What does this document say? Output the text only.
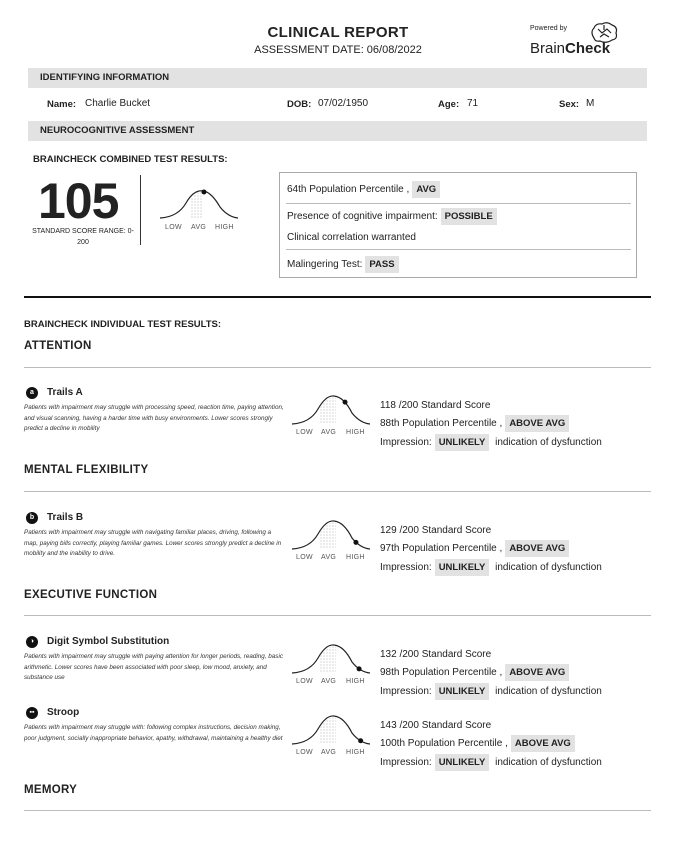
CLINICAL REPORT
ASSESSMENT DATE: 06/08/2022
Powered by
BrainCheck
IDENTIFYING INFORMATION
Name: Charlie Bucket	DOB: 07/02/1950	Age: 71	Sex: M
NEUROCOGNITIVE ASSESSMENT
BRAINCHECK COMBINED TEST RESULTS:
105
STANDARD SCORE RANGE: 0-
200
LOW AVG HIGH
64th Population Percentile , AVG
Presence of cognitive impairment: POSSIBLE
Clinical correlation warranted
Malingering Test: PASS
BRAINCHECK INDIVIDUAL TEST RESULTS:
ATTENTION
MENTAL FLEXIBILITY
EXECUTIVE FUNCTION
MEMORY
a	Trails A
Patients with impairment may struggle with processing speed, reaction time, paying attention, and visual scanning, having a harder time with busy environments. Lower scores strongly predict a decline in mobility
LOW AVG HIGH
118 /200 Standard Score
88th Population Percentile , ABOVE AVG
Impression: UNLIKELY indication of dysfunction
b	Trails B
Patients with impairment may struggle with navigating familiar places, driving, following a map, paying bills correctly, playing familiar games. Lower scores strongly predict a decline in mobility and the inability to drive.
LOW AVG HIGH
129 /200 Standard Score
97th Population Percentile , ABOVE AVG
Impression: UNLIKELY indication of dysfunction
◑	Digit Symbol Substitution
Patients with impairment may struggle with paying attention for longer periods, reading, basic arithmetic. Lower scores have been associated with poor sleep, low mood, anxiety, and substance use
LOW AVG HIGH
132 /200 Standard Score
98th Population Percentile , ABOVE AVG
Impression: UNLIKELY indication of dysfunction
▪▪	Stroop
Patients with impairment may struggle with: following complex instructions, decision making, poor judgment, socially inappropriate behavior, apathy, withdrawal, maintaining a healthy diet
LOW AVG HIGH
143 /200 Standard Score
100th Population Percentile , ABOVE AVG
Impression: UNLIKELY indication of dysfunction
